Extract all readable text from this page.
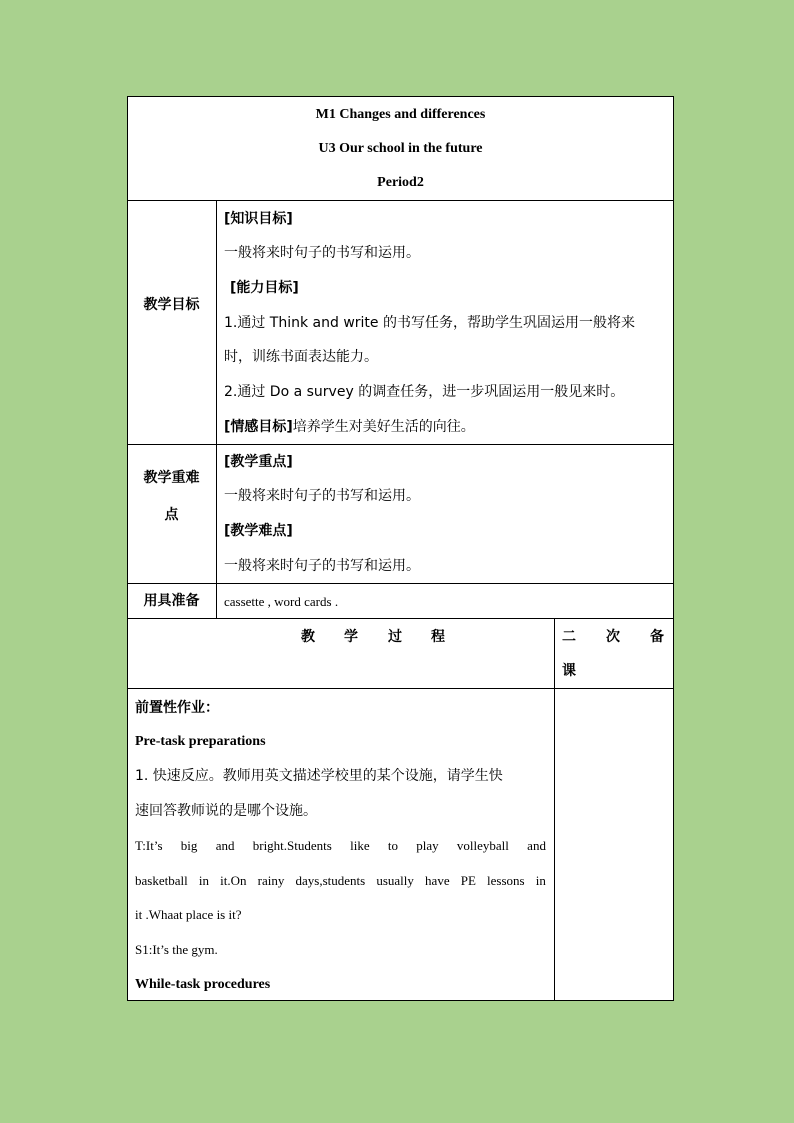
M1 Changes and differences
U3 Our school in the future
Period2
教学目标
[知识目标]
一般将来时句子的书写和运用。
[能力目标]
1.通过 Think and write 的书写任务，帮助学生巩固运用一般将来
时，训练书面表达能力。
2.通过 Do a survey 的调查任务，进一步巩固运用一般见来时。
[情感目标]培养学生对美好生活的向往。
教学重难
点
[教学重点]
一般将来时句子的书写和运用。
[教学难点]
一般将来时句子的书写和运用。
用具准备	cassette , word cards .
教 学 过 程	二 次 备
课
前置性作业：
Pre-task preparations
1. 快速反应。教师用英文描述学校里的某个设施，请学生快
速回答教师说的是哪个设施。
T:It’s big and bright.Students like to play volleyball and
basketball in it.On rainy days,students usually have PE lessons in
it .Whaat place is it?
S1:It’s the gym.
While-task procedures
